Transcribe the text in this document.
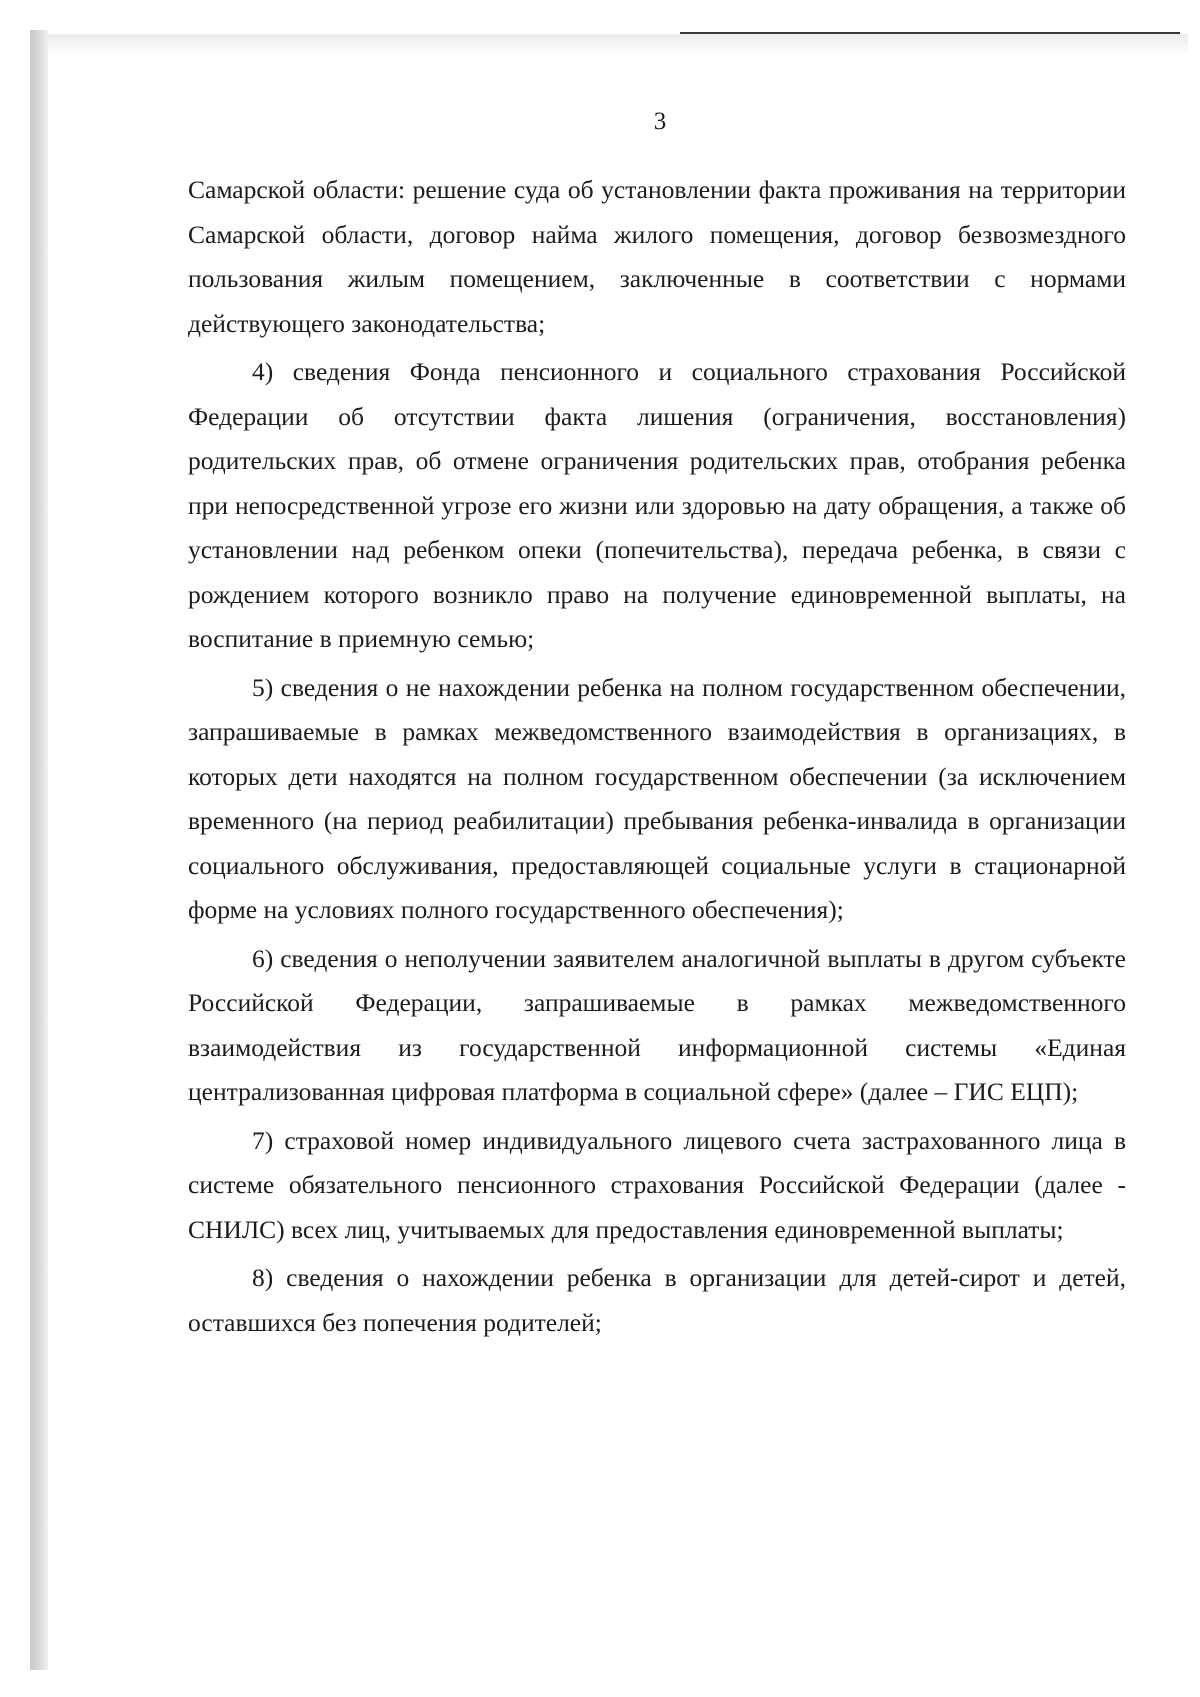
3

Самарской области: решение суда об установлении факта проживания на территории Самарской области, договор найма жилого помещения, договор безвозмездного пользования жилым помещением, заключенные в соответствии с нормами действующего законодательства;

4) сведения Фонда пенсионного и социального страхования Российской Федерации об отсутствии факта лишения (ограничения, восстановления) родительских прав, об отмене ограничения родительских прав, отобрания ребенка при непосредственной угрозе его жизни или здоровью на дату обращения, а также об установлении над ребенком опеки (попечительства), передача ребенка, в связи с рождением которого возникло право на получение единовременной выплаты, на воспитание в приемную семью;

5) сведения о не нахождении ребенка на полном государственном обеспечении, запрашиваемые в рамках межведомственного взаимодействия в организациях, в которых дети находятся на полном государственном обеспечении (за исключением временного (на период реабилитации) пребывания ребенка-инвалида в организации социального обслуживания, предоставляющей социальные услуги в стационарной форме на условиях полного государственного обеспечения);

6) сведения о неполучении заявителем аналогичной выплаты в другом субъекте Российской Федерации, запрашиваемые в рамках межведомственного взаимодействия из государственной информационной системы «Единая централизованная цифровая платформа в социальной сфере» (далее – ГИС ЕЦП);

7) страховой номер индивидуального лицевого счета застрахованного лица в системе обязательного пенсионного страхования Российской Федерации (далее - СНИЛС) всех лиц, учитываемых для предоставления единовременной выплаты;

8) сведения о нахождении ребенка в организации для детей-сирот и детей, оставшихся без попечения родителей;
